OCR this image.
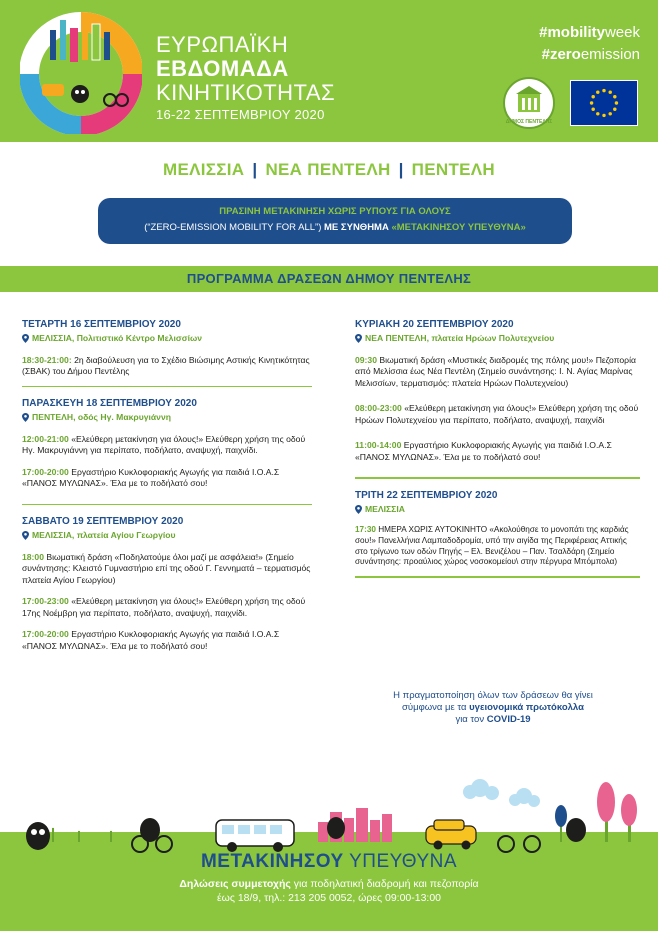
ΕΥΡΩΠΑΪΚΗ
ΕΒΔΟΜΑΔΑ
ΚΙΝΗΤΙΚΟΤΗΤΑΣ
16-22 ΣΕΠΤΕΜΒΡΙΟΥ 2020
#mobilityweek
#zeroemission
ΔΗΜΟΣ ΠΕΝΤΕΛΗΣ
ΜΕΛΙΣΣΙΑ | ΝΕΑ ΠΕΝΤΕΛΗ | ΠΕΝΤΕΛΗ
ΠΡΑΣΙΝΗ ΜΕΤΑΚΙΝΗΣΗ ΧΩΡΙΣ ΡΥΠΟΥΣ ΓΙΑ ΟΛΟΥΣ
(“ZERO-EMISSION MOBILITY FOR ALL”) ΜΕ ΣΥΝΘΗΜΑ «ΜΕΤΑΚΙΝΗΣΟΥ ΥΠΕΥΘΥΝΑ»
ΠΡΟΓΡΑΜΜΑ ΔΡΑΣΕΩΝ ΔΗΜΟΥ ΠΕΝΤΕΛΗΣ
ΤΕΤΑΡΤΗ 16 ΣΕΠΤΕΜΒΡΙΟΥ 2020
ΜΕΛΙΣΣΙΑ, Πολιτιστικό Κέντρο Μελισσίων
18:30-21:00: 2η διαβούλευση για το Σχέδιο Βιώσιμης Αστικής Κινητικότητας (ΣΒΑΚ) του Δήμου Πεντέλης
ΠΑΡΑΣΚΕΥΗ 18 ΣΕΠΤΕΜΒΡΙΟΥ 2020
ΠΕΝΤΕΛΗ, οδός Ηγ. Μακρυγιάννη
12:00-21:00 «Ελεύθερη μετακίνηση για όλους!» Ελεύθερη χρήση της οδού Ηγ. Μακρυγιάννη για περίπατο, ποδήλατο, αναψυχή, παιχνίδι.
17:00-20:00 Εργαστήριο Κυκλοφοριακής Αγωγής για παιδιά Ι.Ο.Α.Σ «ΠΑΝΟΣ ΜΥΛΩΝΑΣ». Έλα με το ποδήλατό σου!
ΣΑΒΒΑΤΟ 19 ΣΕΠΤΕΜΒΡΙΟΥ 2020
ΜΕΛΙΣΣΙΑ, πλατεία Αγίου Γεωργίου
18:00 Βιωματική δράση «Ποδηλατούμε όλοι μαζί με ασφάλεια!» (Σημείο συνάντησης: Κλειστό Γυμναστήριο επί της οδού Γ. Γεννηματά – τερματισμός πλατεία Αγίου Γεωργίου)
17:00-23:00 «Ελεύθερη μετακίνηση για όλους!» Ελεύθερη χρήση της οδού 17ης Νοέμβρη για περίπατο, ποδήλατο, αναψυχή, παιχνίδι.
17:00-20:00 Εργαστήριο Κυκλοφοριακής Αγωγής για παιδιά Ι.Ο.Α.Σ «ΠΑΝΟΣ ΜΥΛΩΝΑΣ». Έλα με το ποδήλατό σου!
ΚΥΡΙΑΚΗ 20 ΣΕΠΤΕΜΒΡΙΟΥ 2020
ΝΕΑ ΠΕΝΤΕΛΗ, πλατεία Ηρώων Πολυτεχνείου
09:30 Βιωματική δράση «Μυστικές διαδρομές της πόλης μου!» Πεζοπορία από Μελίσσια έως Νέα Πεντέλη (Σημείο συνάντησης: Ι. Ν. Αγίας Μαρίνας Μελισσίων, τερματισμός: πλατεία Ηρώων Πολυτεχνείου)
08:00-23:00 «Ελεύθερη μετακίνηση για όλους!» Ελεύθερη χρήση της οδού Ηρώων Πολυτεχνείου για περίπατο, ποδήλατο, αναψυχή, παιχνίδι
11:00-14:00 Εργαστήριο Κυκλοφοριακής Αγωγής για παιδιά Ι.Ο.Α.Σ «ΠΑΝΟΣ ΜΥΛΩΝΑΣ». Έλα με το ποδήλατό σου!
ΤΡΙΤΗ 22 ΣΕΠΤΕΜΒΡΙΟΥ 2020
ΜΕΛΙΣΣΙΑ
17:30 ΗΜΕΡΑ ΧΩΡΙΣ ΑΥΤΟΚΙΝΗΤΟ «Ακολούθησε το μονοπάτι της καρδιάς σου!» Πανελλήνια Λαμπαδοδρομία, υπό την αιγίδα της Περιφέρειας Αττικής στο τρίγωνο των οδών Πηγής – Ελ. Βενιζέλου – Παν. Τσαλδάρη (Σημείο συνάντησης: προαύλιος χώρος νοσοκομείου\ στην πέργυρα Μπόμπολα)
Η πραγματοποίηση όλων των δράσεων θα γίνει
σύμφωνα με τα υγειονομικά πρωτόκολλα
για τον COVID-19
ΜΕΤΑΚΙΝΗΣΟΥ ΥΠΕΥΘΥΝΑ
Δηλώσεις συμμετοχής για ποδηλατική διαδρομή και πεζοπορία
έως 18/9, τηλ.: 213 205 0052, ώρες 09:00-13:00
